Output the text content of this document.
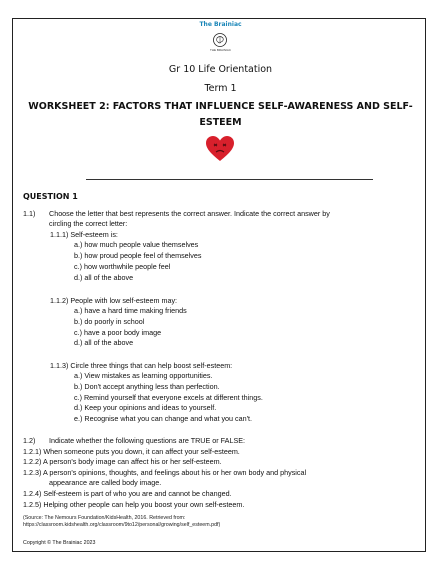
The Brainiac
THE BRAINIAC
Gr 10 Life Orientation
Term 1
WORKSHEET 2: FACTORS THAT INFLUENCE SELF-AWARENESS AND SELF-
ESTEEM
QUESTION 1
1.1) Choose the letter that best represents the correct answer. Indicate the correct answer by
circling the correct letter:
1.1.1) Self-esteem is:
a.) how much people value themselves
b.) how proud people feel of themselves
c.) how worthwhile people feel
d.) all of the above
1.1.2) People with low self-esteem may:
a.) have a hard time making friends
b.) do poorly in school
c.) have a poor body image
d.) all of the above
1.1.3) Circle three things that can help boost self-esteem:
a.) View mistakes as learning opportunities.
b.) Don't accept anything less than perfection.
c.) Remind yourself that everyone excels at different things.
d.) Keep your opinions and ideas to yourself.
e.) Recognise what you can change and what you can't.
1.2) Indicate whether the following questions are TRUE or FALSE:
1.2.1) When someone puts you down, it can affect your self-esteem.
1.2.2) A person's body image can affect his or her self-esteem.
1.2.3) A person's opinions, thoughts, and feelings about his or her own body and physical
appearance are called body image.
1.2.4) Self-esteem is part of who you are and cannot be changed.
1.2.5) Helping other people can help you boost your own self-esteem.
(Source: The Nemours Foundation/KidsHealth, 2016. Retrieved from:
https://classroom.kidshealth.org/classroom/9to12/personal/growing/self_esteem.pdf)
Copyright © The Brainiac 2023
